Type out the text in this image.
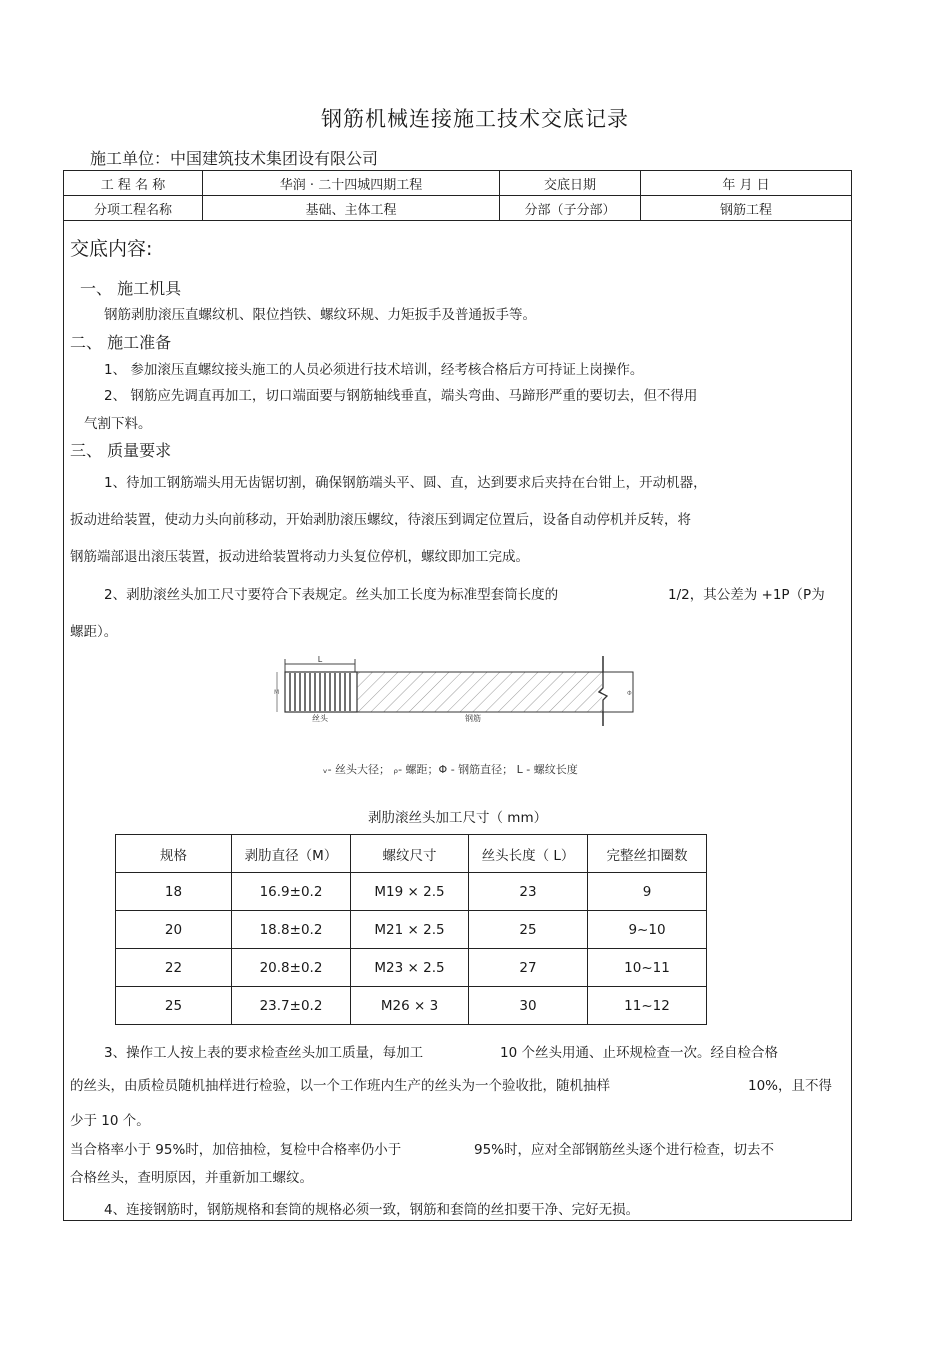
钢筋机械连接施工技术交底记录
施工单位：中国建筑技术集团设有限公司
工 程 名 称	华润 · 二十四城四期工程	交底日期	年 月 日
分项工程名称	基础、主体工程	分部（子分部）	钢筋工程
交底内容:
一、 施工机具
钢筋剥肋滚压直螺纹机、限位挡铁、螺纹环规、力矩扳手及普通扳手等。
二、 施工准备
1、 参加滚压直螺纹接头施工的人员必须进行技术培训，经考核合格后方可持证上岗操作。
2、 钢筋应先调直再加工，切口端面要与钢筋轴线垂直，端头弯曲、马蹄形严重的要切去，但不得用
气割下料。
三、 质量要求
1、待加工钢筋端头用无齿锯切割，确保钢筋端头平、圆、直，达到要求后夹持在台钳上，开动机器，
扳动进给装置，使动力头向前移动，开始剥肋滚压螺纹，待滚压到调定位置后，设备自动停机并反转，将
钢筋端部退出滚压装置，扳动进给装置将动力头复位停机，螺纹即加工完成。
2、剥肋滚丝头加工尺寸要符合下表规定。丝头加工长度为标准型套筒长度的	1/2，其公差为 +1P（P为
螺距）。
L
M	Φ
丝头	钢筋
ᵥ- 丝头大径； ᵨ- 螺距；Φ - 钢筋直径； L - 螺纹长度
剥肋滚丝头加工尺寸（ mm）
规格	剥肋直径（M）	螺纹尺寸	丝头长度（ L）	完整丝扣圈数
18	16.9±0.2	M19 × 2.5	23	9
20	18.8±0.2	M21 × 2.5	25	9~10
22	20.8±0.2	M23 × 2.5	27	10~11
25	23.7±0.2	M26 × 3	30	11~12
3、操作工人按上表的要求检查丝头加工质量，每加工	10 个丝头用通、止环规检查一次。经自检合格
的丝头，由质检员随机抽样进行检验，以一个工作班内生产的丝头为一个验收批，随机抽样	10%，且不得
少于 10 个。
当合格率小于 95%时，加倍抽检，复检中合格率仍小于	95%时，应对全部钢筋丝头逐个进行检查，切去不
合格丝头，查明原因，并重新加工螺纹。
4、连接钢筋时，钢筋规格和套筒的规格必须一致，钢筋和套筒的丝扣要干净、完好无损。
